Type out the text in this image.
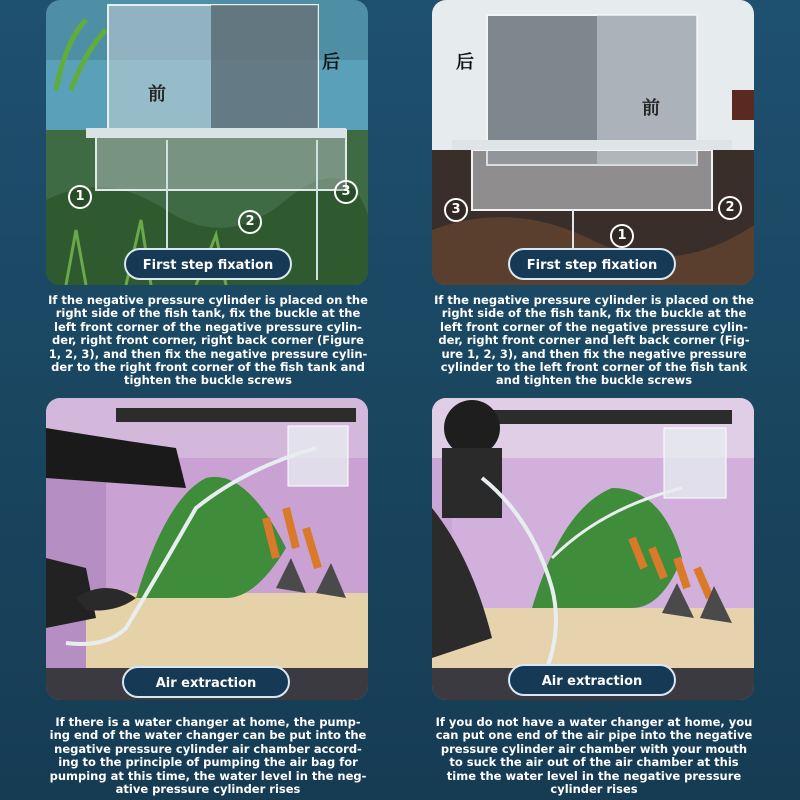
前
后
1
2
3
First step fixation
If the negative pressure cylinder is placed on the
right side of the fish tank, fix the buckle at the
left front corner of the negative pressure cylin-
der, right front corner, right back corner (Figure
1, 2, 3), and then fix the negative pressure cylin-
der to the right front corner of the fish tank and
tighten the buckle screws
后
前
3
1
2
First step fixation
If the negative pressure cylinder is placed on the
right side of the fish tank, fix the buckle at the
left front corner of the negative pressure cylin-
der, right front corner and left back corner (Fig-
ure 1, 2, 3), and then fix the negative pressure
cylinder to the left front corner of the fish tank
and tighten the buckle screws
Air extraction
If there is a water changer at home, the pump-
ing end of the water changer can be put into the
negative pressure cylinder air chamber accord-
ing to the principle of pumping the air bag for
pumping at this time, the water level in the neg-
ative pressure cylinder rises
Air extraction
If you do not have a water changer at home, you
can put one end of the air pipe into the negative
pressure cylinder air chamber with your mouth
to suck the air out of the air chamber at this
time the water level in the negative pressure
cylinder rises
